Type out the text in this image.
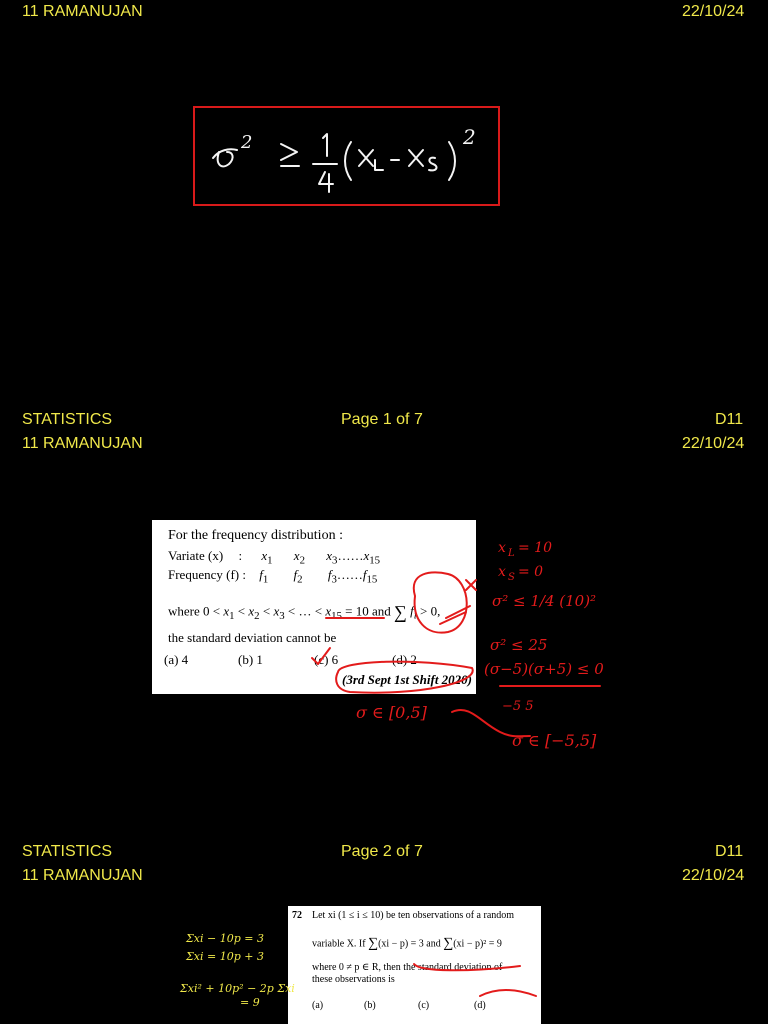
11 RAMANUJAN	22/10/24
2	2
STATISTICS	Page 1 of 7	D11
11 RAMANUJAN	22/10/24
For the frequency distribution :
Variate (x) : $x_1$ $x_2$ $x_3\dots\dots x_{15}$
Frequency (f) : $f_1$ $f_2$ $f_3\dots\dots f_{15}$
where $0 < x_1 < x_2 < x_3$ < … < $x_{15} = 10$ and ∑ $f_i > 0$,
the standard deviation cannot be
(a) 4	(b) 1	(c) 6	(d) 2
(3rd Sept 1st Shift 2020)
σ ∈ [0,5]
x L = 10
x S = 0
σ² ≤ 1/4 (10)²
σ² ≤ 25
(σ−5)(σ+5) ≤ 0
−5 5
σ ∈ [−5,5]
STATISTICS	Page 2 of 7	D11
11 RAMANUJAN	22/10/24
72 Let xi (1 ≤ i ≤ 10) be ten observations of a random
variable X. If ∑(xi − p) = 3 and ∑(xi − p)² = 9
where 0 ≠ p ∈ R, then the standard deviation of
these observations is
(a)	(b)	(c)	(d)
Σxi − 10p = 3
Σxi = 10p + 3
Σxi² + 10p² − 2p Σxi
= 9
